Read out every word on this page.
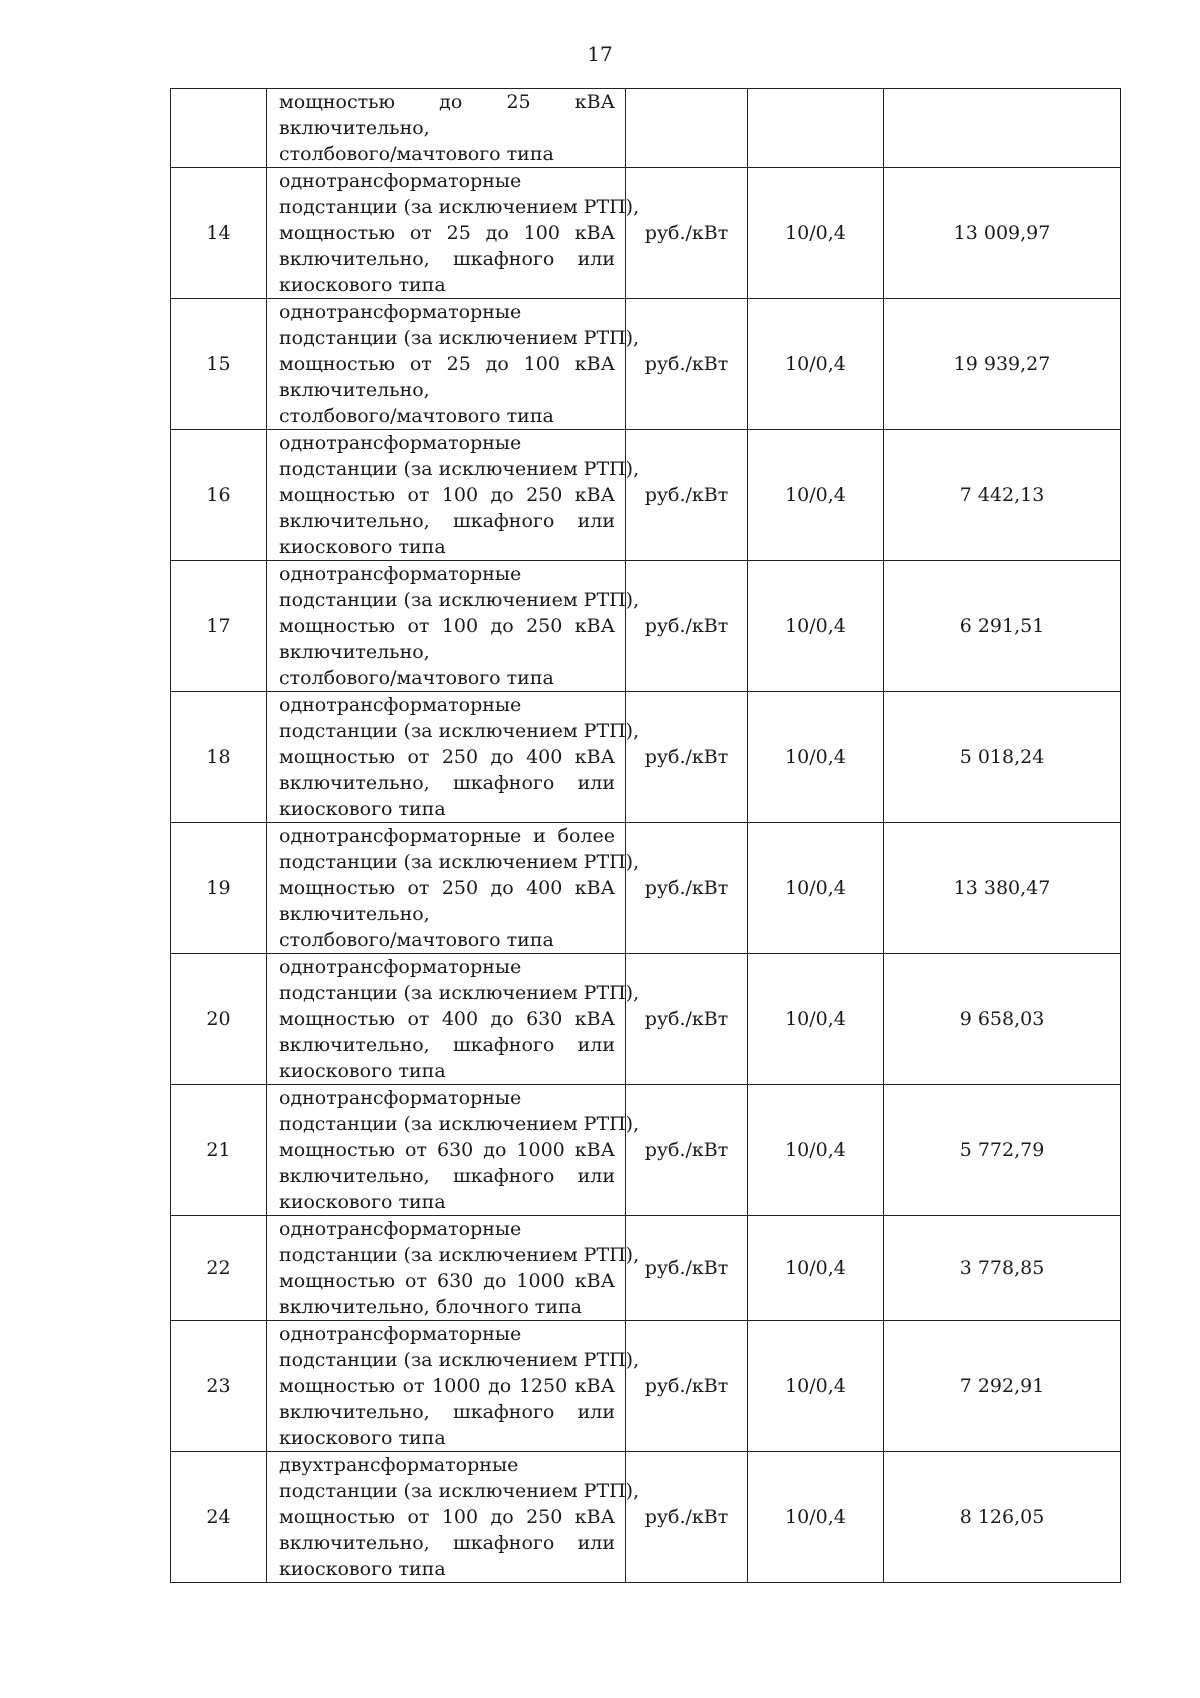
17

	мощностью до 25 кВА
включительно,
столбового/мачтового типа			

14	однотрансформаторные
подстанции (за исключением РТП),
мощностью от 25 до 100 кВА
включительно, шкафного или
киоскового типа	руб./кВт	10/0,4	13 009,97
15	однотрансформаторные
подстанции (за исключением РТП),
мощностью от 25 до 100 кВА
включительно,
столбового/мачтового типа	руб./кВт	10/0,4	19 939,27
16	однотрансформаторные
подстанции (за исключением РТП),
мощностью от 100 до 250 кВА
включительно, шкафного или
киоскового типа	руб./кВт	10/0,4	7 442,13
17	однотрансформаторные
подстанции (за исключением РТП),
мощностью от 100 до 250 кВА
включительно,
столбового/мачтового типа	руб./кВт	10/0,4	6 291,51
18	однотрансформаторные
подстанции (за исключением РТП),
мощностью от 250 до 400 кВА
включительно, шкафного или
киоскового типа	руб./кВт	10/0,4	5 018,24
19	однотрансформаторные и более
подстанции (за исключением РТП),
мощностью от 250 до 400 кВА
включительно,
столбового/мачтового типа	руб./кВт	10/0,4	13 380,47
20	однотрансформаторные
подстанции (за исключением РТП),
мощностью от 400 до 630 кВА
включительно, шкафного или
киоскового типа	руб./кВт	10/0,4	9 658,03
21	однотрансформаторные
подстанции (за исключением РТП),
мощностью от 630 до 1000 кВА
включительно, шкафного или
киоскового типа	руб./кВт	10/0,4	5 772,79
22	однотрансформаторные
подстанции (за исключением РТП),
мощностью от 630 до 1000 кВА
включительно, блочного типа	руб./кВт	10/0,4	3 778,85
23	однотрансформаторные
подстанции (за исключением РТП),
мощностью от 1000 до 1250 кВА
включительно, шкафного или
киоскового типа	руб./кВт	10/0,4	7 292,91
24	двухтрансформаторные
подстанции (за исключением РТП),
мощностью от 100 до 250 кВА
включительно, шкафного или
киоскового типа	руб./кВт	10/0,4	8 126,05
